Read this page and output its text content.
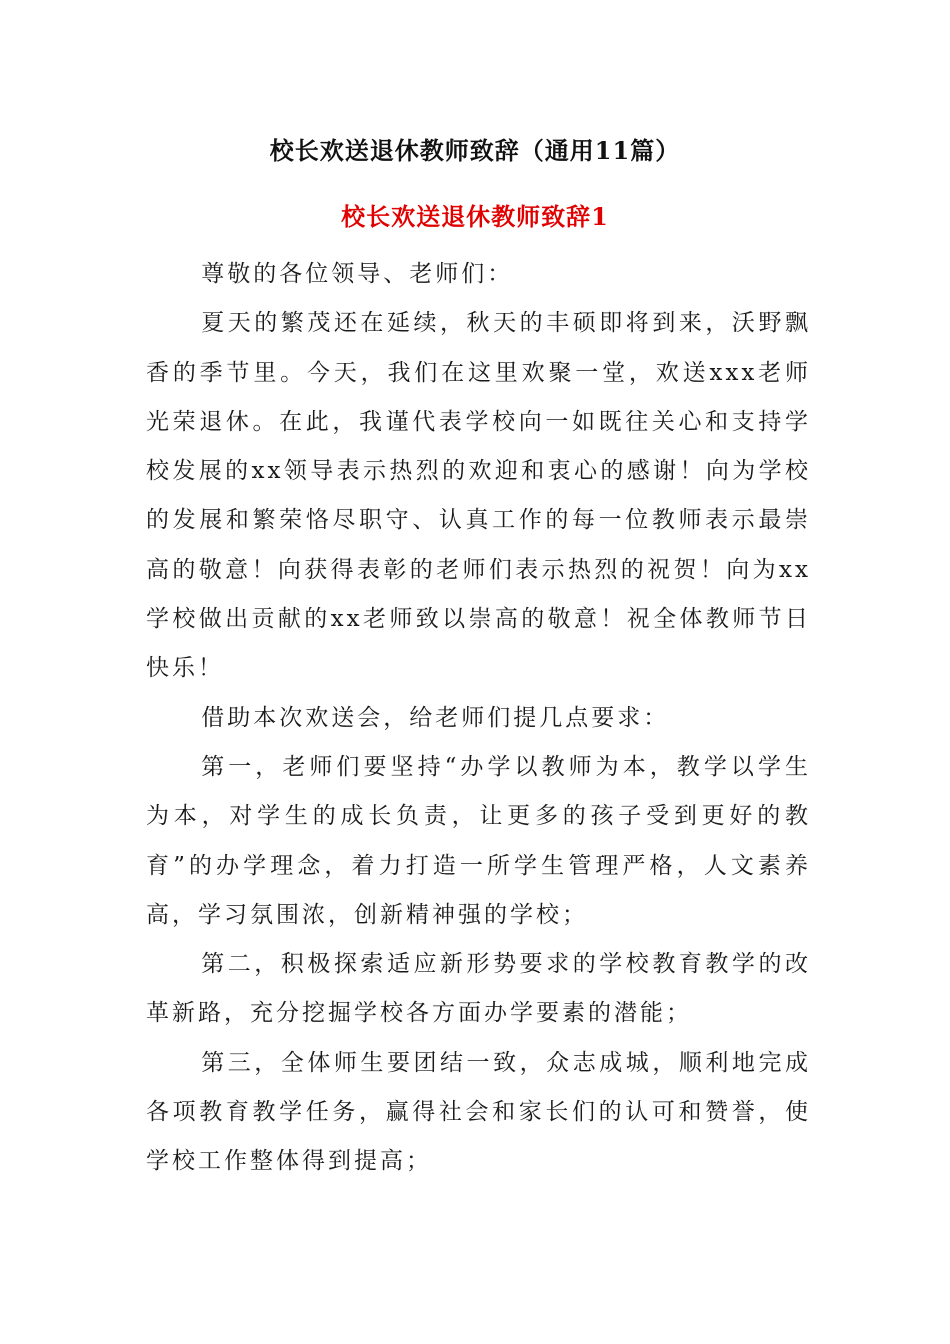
校长欢送退休教师致辞（通用11篇）
校长欢送退休教师致辞1

尊敬的各位领导、老师们：

夏天的繁茂还在延续，秋天的丰硕即将到来，沃野飘香的季节里。今天，我们在这里欢聚一堂，欢送xxx老师光荣退休。在此，我谨代表学校向一如既往关心和支持学校发展的xx领导表示热烈的欢迎和衷心的感谢！向为学校的发展和繁荣恪尽职守、认真工作的每一位教师表示最崇高的敬意！向获得表彰的老师们表示热烈的祝贺！向为xx学校做出贡献的xx老师致以崇高的敬意！祝全体教师节日快乐！

借助本次欢送会，给老师们提几点要求：

第一，老师们要坚持“办学以教师为本，教学以学生为本，对学生的成长负责，让更多的孩子受到更好的教育”的办学理念，着力打造一所学生管理严格，人文素养高，学习氛围浓，创新精神强的学校；

第二，积极探索适应新形势要求的学校教育教学的改革新路，充分挖掘学校各方面办学要素的潜能；

第三，全体师生要团结一致，众志成城，顺利地完成各项教育教学任务，赢得社会和家长们的认可和赞誉，使学校工作整体得到提高；
